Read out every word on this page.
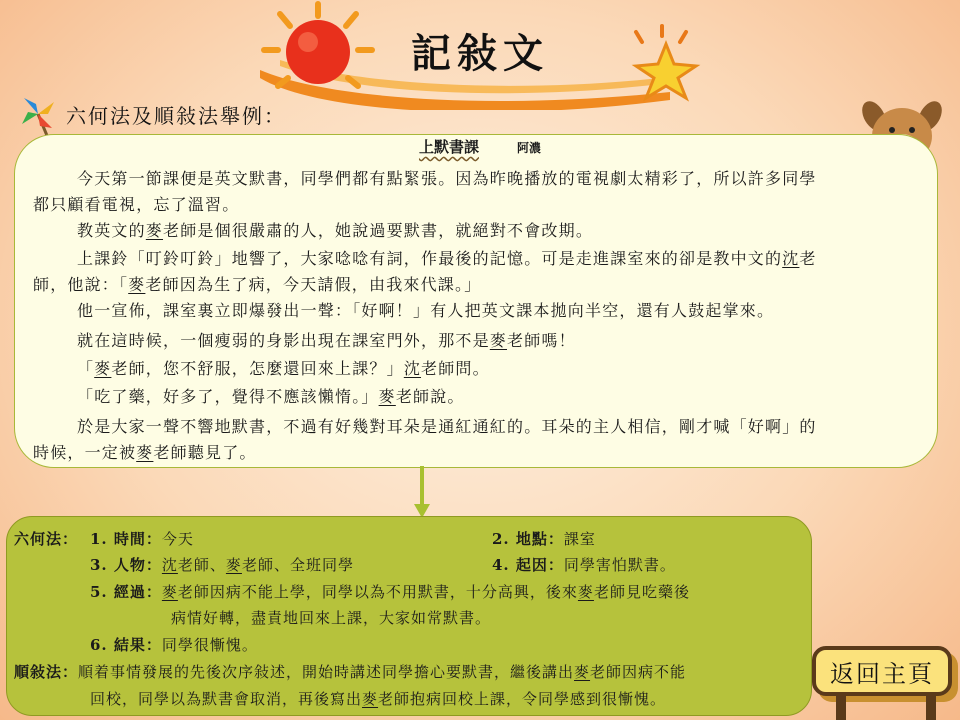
記敍文
六何法及順敍法舉例：
上默書課	阿濃
今天第一節課便是英文默書，同學們都有點緊張。因為昨晚播放的電視劇太精彩了，所以許多同學
都只顧看電視，忘了溫習。
教英文的麥老師是個很嚴肅的人，她說過要默書，就絕對不會改期。
上課鈴「叮鈴叮鈴」地響了，大家唸唸有詞，作最後的記憶。可是走進課室來的卻是教中文的沈老
師，他說：「麥老師因為生了病，今天請假，由我來代課。」
他一宣佈，課室裏立即爆發出一聲：「好啊！」有人把英文課本拋向半空，還有人鼓起掌來。
就在這時候，一個瘦弱的身影出現在課室門外，那不是麥老師嗎！
「麥老師，您不舒服，怎麼還回來上課？」沈老師問。
「吃了藥，好多了，覺得不應該懶惰。」麥老師說。
於是大家一聲不響地默書，不過有好幾對耳朵是通紅通紅的。耳朵的主人相信，剛才喊「好啊」的
時候，一定被麥老師聽見了。
六何法： 1. 時間：今天	2. 地點：課室
3. 人物：沈老師、麥老師、全班同學	4. 起因：同學害怕默書。
5. 經過：麥老師因病不能上學，同學以為不用默書，十分高興，後來麥老師見吃藥後
病情好轉，盡責地回來上課，大家如常默書。
6. 結果：同學很慚愧。
順敍法：順着事情發展的先後次序敍述，開始時講述同學擔心要默書，繼後講出麥老師因病不能
回校，同學以為默書會取消，再後寫出麥老師抱病回校上課，令同學感到很慚愧。
返回主頁
